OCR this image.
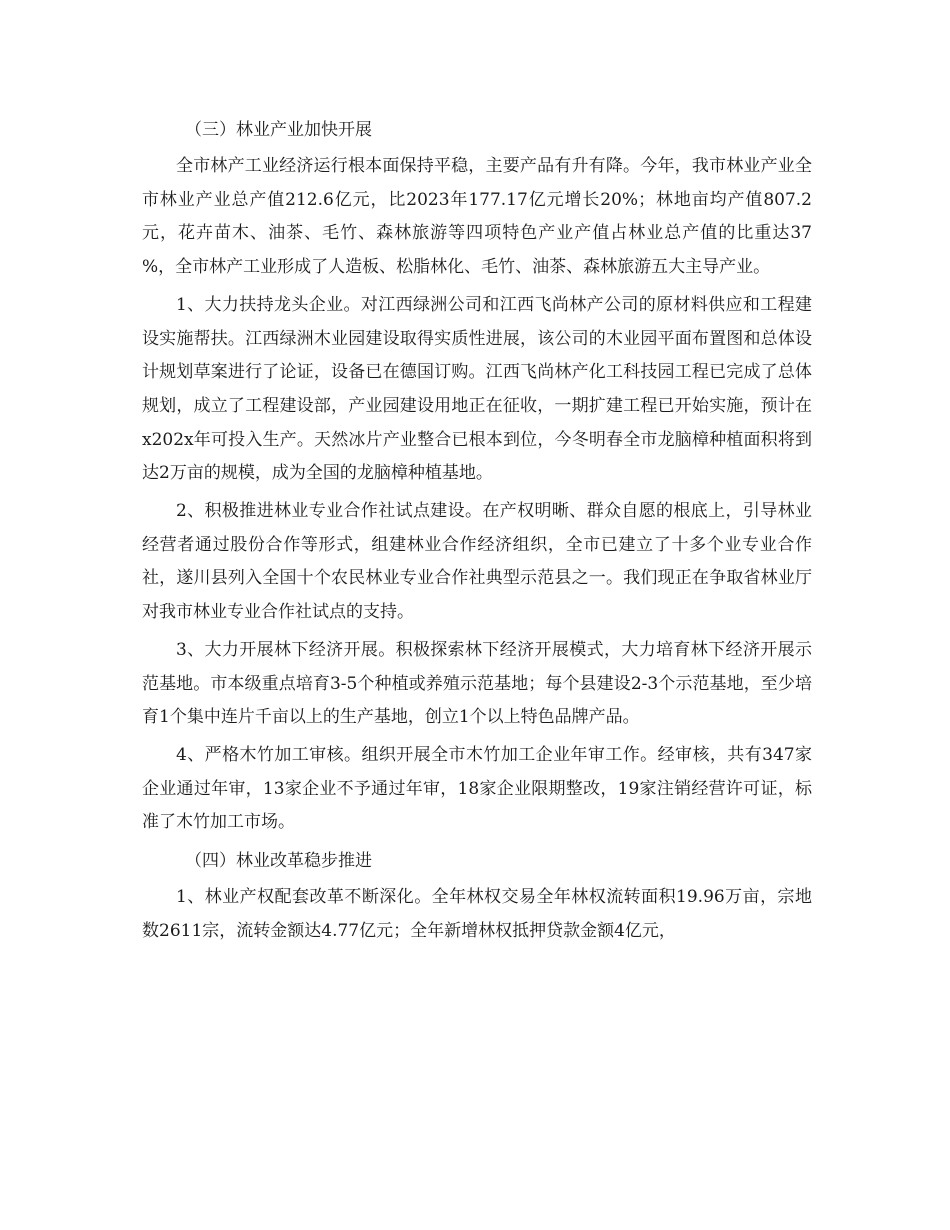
（三）林业产业加快开展

全市林产工业经济运行根本面保持平稳，主要产品有升有降。今年，我市林业产业全市林业产业总产值212.6亿元，比2023年177.17亿元增长20%；林地亩均产值807.2元，花卉苗木、油茶、毛竹、森林旅游等四项特色产业产值占林业总产值的比重达37 %，全市林产工业形成了人造板、松脂林化、毛竹、油茶、森林旅游五大主导产业。

1、大力扶持龙头企业。对江西绿洲公司和江西飞尚林产公司的原材料供应和工程建设实施帮扶。江西绿洲木业园建设取得实质性进展，该公司的木业园平面布置图和总体设计规划草案进行了论证，设备已在德国订购。江西飞尚林产化工科技园工程已完成了总体规划，成立了工程建设部，产业园建设用地正在征收，一期扩建工程已开始实施，预计在x202x年可投入生产。天然冰片产业整合已根本到位，今冬明春全市龙脑樟种植面积将到达2万亩的规模，成为全国的龙脑樟种植基地。

2、积极推进林业专业合作社试点建设。在产权明晰、群众自愿的根底上，引导林业经营者通过股份合作等形式，组建林业合作经济组织，全市已建立了十多个业专业合作社，遂川县列入全国十个农民林业专业合作社典型示范县之一。我们现正在争取省林业厅对我市林业专业合作社试点的支持。

3、大力开展林下经济开展。积极探索林下经济开展模式，大力培育林下经济开展示范基地。市本级重点培育3-5个种植或养殖示范基地；每个县建设2-3个示范基地，至少培育1个集中连片千亩以上的生产基地，创立1个以上特色品牌产品。

4、严格木竹加工审核。组织开展全市木竹加工企业年审工作。经审核，共有347家企业通过年审，13家企业不予通过年审，18家企业限期整改，19家注销经营许可证，标准了木竹加工市场。

（四）林业改革稳步推进

1、林业产权配套改革不断深化。全年林权交易全年林权流转面积19.96万亩，宗地数2611宗，流转金额达4.77亿元；全年新增林权抵押贷款金额4亿元，
